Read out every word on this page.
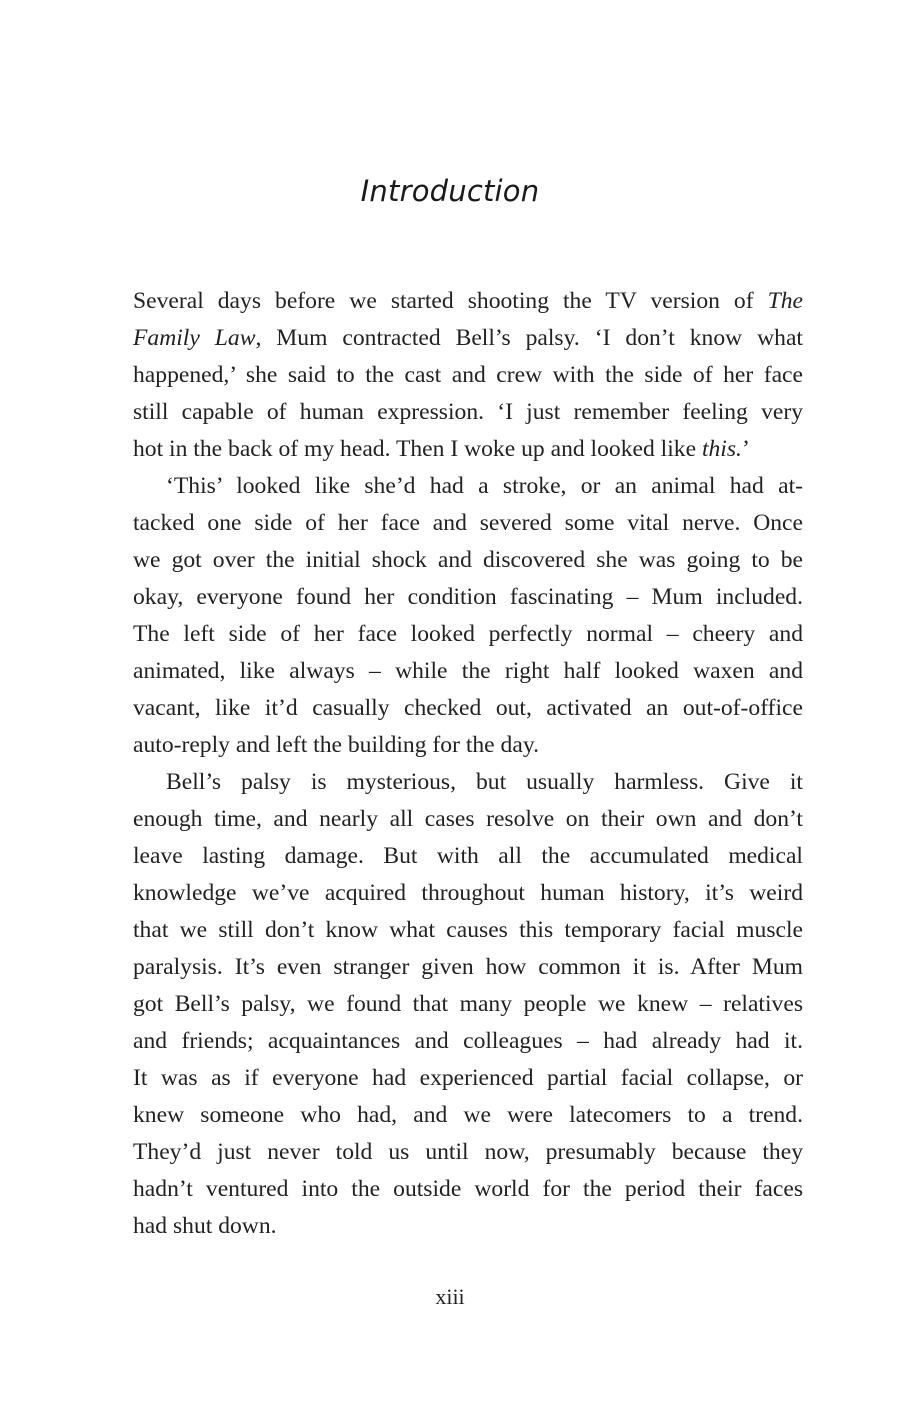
Introduction
Several days before we started shooting the TV version of The
Family Law, Mum contracted Bell’s palsy. ‘I don’t know what
happened,’ she said to the cast and crew with the side of her face
still capable of human expression. ‘I just remember feeling very
hot in the back of my head. Then I woke up and looked like this.’
‘This’ looked like she’d had a stroke, or an animal had at-
tacked one side of her face and severed some vital nerve. Once
we got over the initial shock and discovered she was going to be
okay, everyone found her condition fascinating – Mum included.
The left side of her face looked perfectly normal – cheery and
animated, like always – while the right half looked waxen and
vacant, like it’d casually checked out, activated an out-of-office
auto-reply and left the building for the day.
Bell’s palsy is mysterious, but usually harmless. Give it
enough time, and nearly all cases resolve on their own and don’t
leave lasting damage. But with all the accumulated medical
knowledge we’ve acquired throughout human history, it’s weird
that we still don’t know what causes this temporary facial muscle
paralysis. It’s even stranger given how common it is. After Mum
got Bell’s palsy, we found that many people we knew – relatives
and friends; acquaintances and colleagues – had already had it.
It was as if everyone had experienced partial facial collapse, or
knew someone who had, and we were latecomers to a trend.
They’d just never told us until now, presumably because they
hadn’t ventured into the outside world for the period their faces
had shut down.
xiii
